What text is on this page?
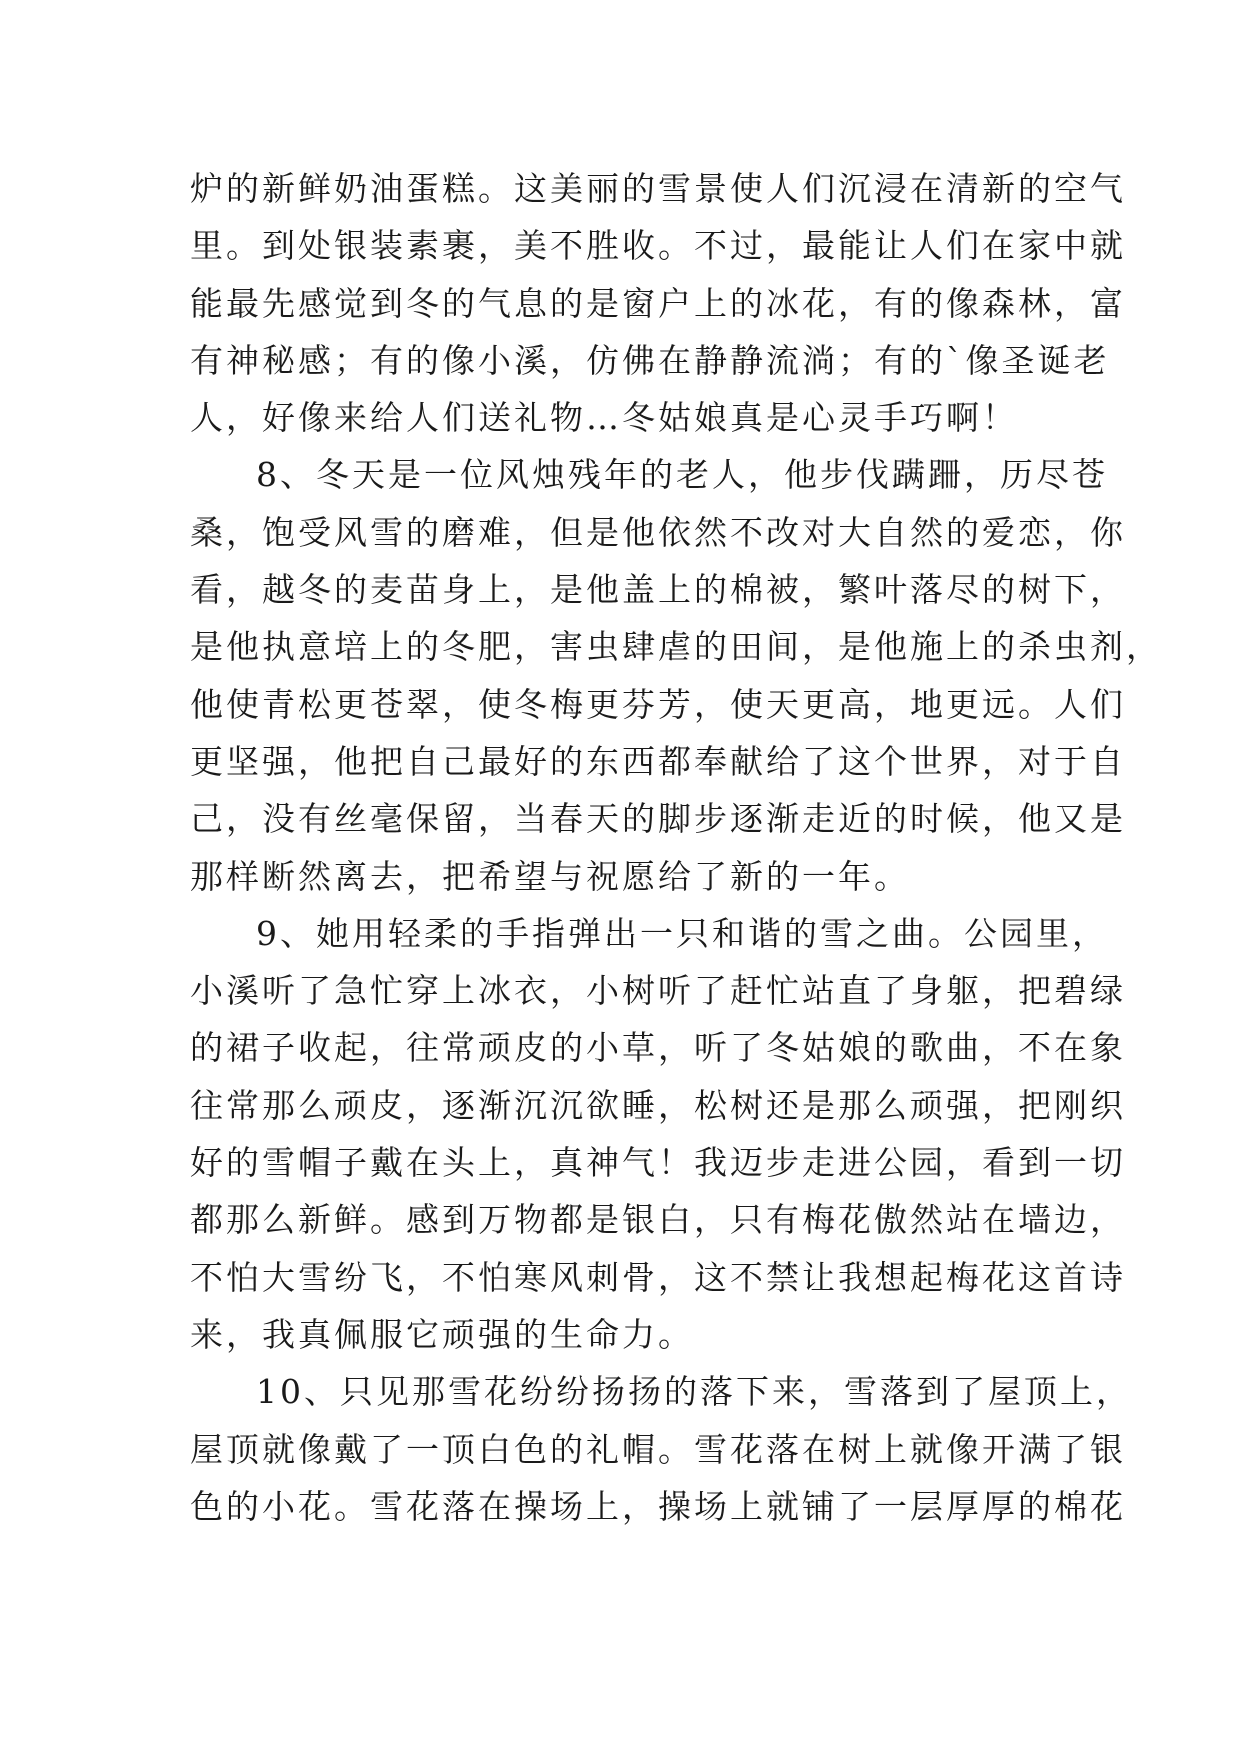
炉的新鲜奶油蛋糕。这美丽的雪景使人们沉浸在清新的空气
里。到处银装素裹，美不胜收。不过，最能让人们在家中就
能最先感觉到冬的气息的是窗户上的冰花，有的像森林，富
有神秘感；有的像小溪，仿佛在静静流淌；有的`像圣诞老
人，好像来给人们送礼物…冬姑娘真是心灵手巧啊！
8、冬天是一位风烛残年的老人，他步伐蹒跚，历尽苍
桑，饱受风雪的磨难，但是他依然不改对大自然的爱恋，你
看，越冬的麦苗身上，是他盖上的棉被，繁叶落尽的树下，
是他执意培上的冬肥，害虫肆虐的田间，是他施上的杀虫剂，
他使青松更苍翠，使冬梅更芬芳，使天更高，地更远。人们
更坚强，他把自己最好的东西都奉献给了这个世界，对于自
己，没有丝毫保留，当春天的脚步逐渐走近的时候，他又是
那样断然离去，把希望与祝愿给了新的一年。
9、她用轻柔的手指弹出一只和谐的雪之曲。公园里，
小溪听了急忙穿上冰衣，小树听了赶忙站直了身躯，把碧绿
的裙子收起，往常顽皮的小草，听了冬姑娘的歌曲，不在象
往常那么顽皮，逐渐沉沉欲睡，松树还是那么顽强，把刚织
好的雪帽子戴在头上，真神气！我迈步走进公园，看到一切
都那么新鲜。感到万物都是银白，只有梅花傲然站在墙边，
不怕大雪纷飞，不怕寒风刺骨，这不禁让我想起梅花这首诗
来，我真佩服它顽强的生命力。
10、只见那雪花纷纷扬扬的落下来，雪落到了屋顶上，
屋顶就像戴了一顶白色的礼帽。雪花落在树上就像开满了银
色的小花。雪花落在操场上，操场上就铺了一层厚厚的棉花
